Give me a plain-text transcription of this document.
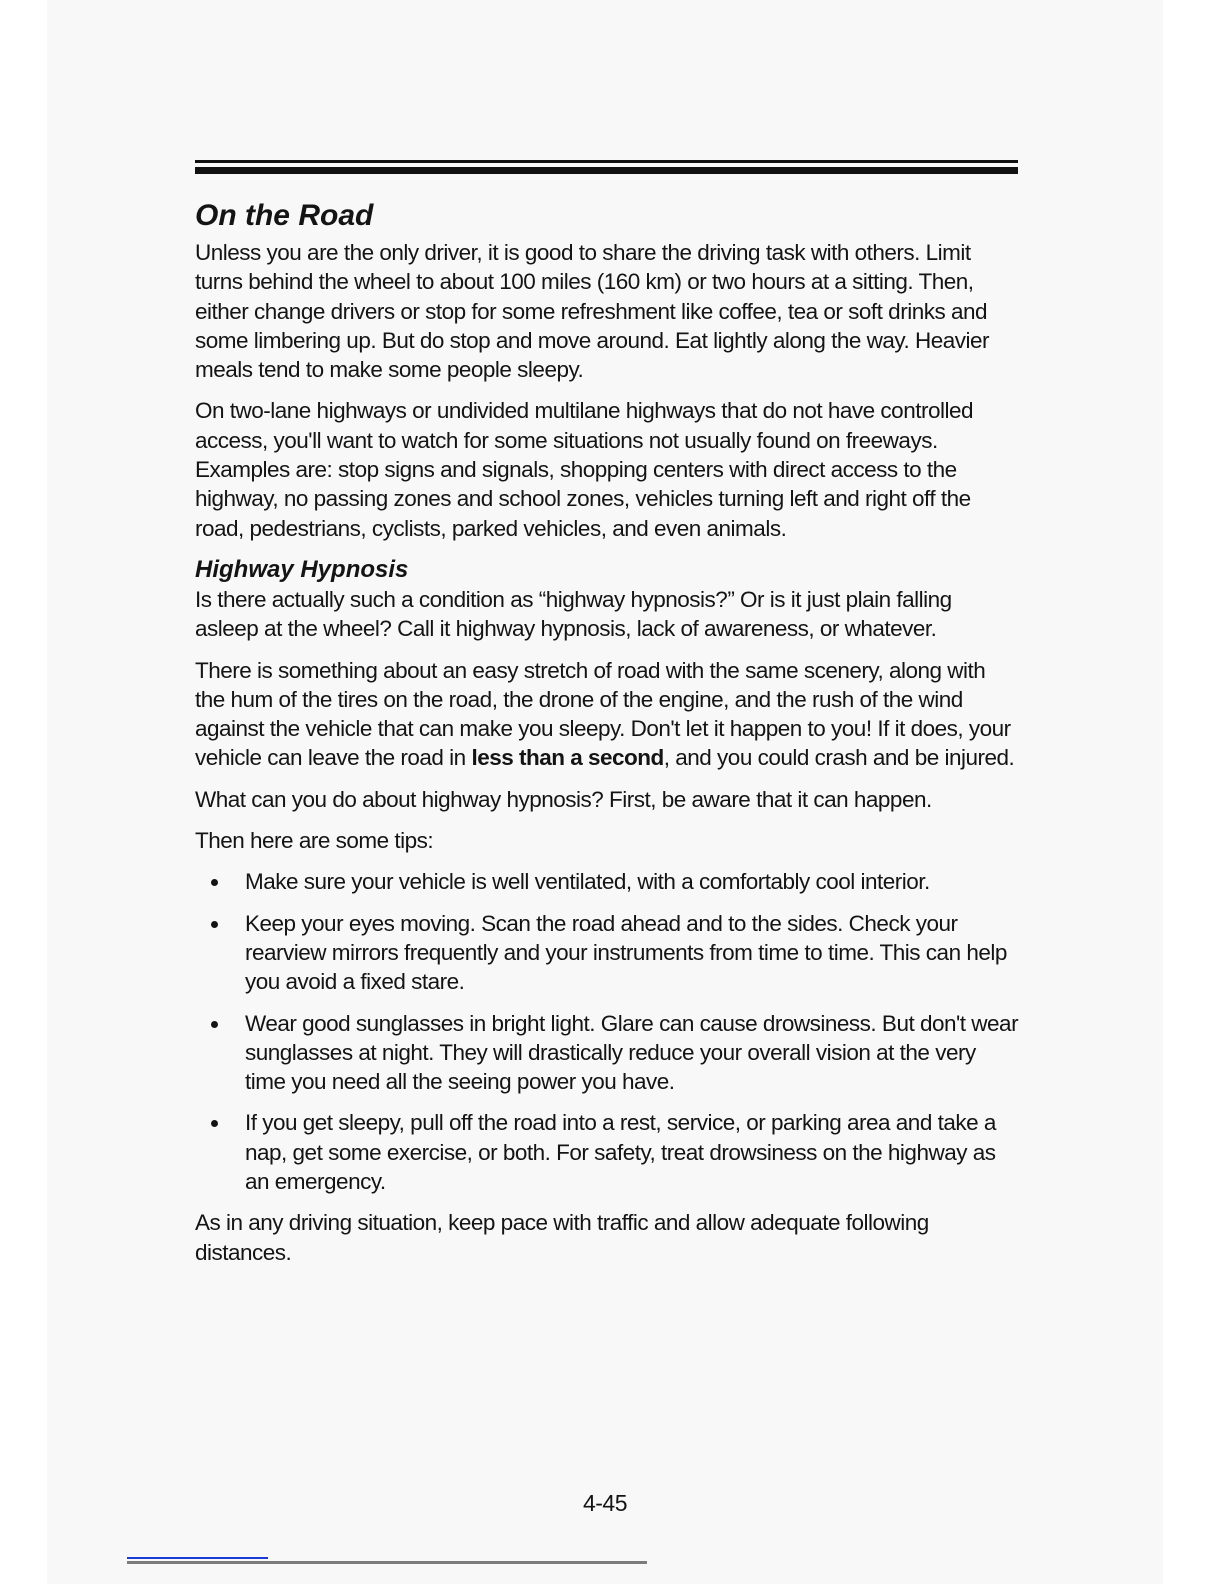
On the Road

Unless you are the only driver, it is good to share the driving task with others. Limit turns behind the wheel to about 100 miles (160 km) or two hours at a sitting. Then, either change drivers or stop for some refreshment like coffee, tea or soft drinks and some limbering up. But do stop and move around. Eat lightly along the way. Heavier meals tend to make some people sleepy.

On two-lane highways or undivided multilane highways that do not have controlled access, you'll want to watch for some situations not usually found on freeways. Examples are: stop signs and signals, shopping centers with direct access to the highway, no passing zones and school zones, vehicles turning left and right off the road, pedestrians, cyclists, parked vehicles, and even animals.

Highway Hypnosis

Is there actually such a condition as “highway hypnosis?” Or is it just plain falling asleep at the wheel? Call it highway hypnosis, lack of awareness, or whatever.

There is something about an easy stretch of road with the same scenery, along with the hum of the tires on the road, the drone of the engine, and the rush of the wind against the vehicle that can make you sleepy. Don't let it happen to you! If it does, your vehicle can leave the road in less than a second, and you could crash and be injured.

What can you do about highway hypnosis? First, be aware that it can happen.

Then here are some tips:

Make sure your vehicle is well ventilated, with a comfortably cool interior.
Keep your eyes moving. Scan the road ahead and to the sides. Check your rearview mirrors frequently and your instruments from time to time. This can help you avoid a fixed stare.
Wear good sunglasses in bright light. Glare can cause drowsiness. But don't wear sunglasses at night. They will drastically reduce your overall vision at the very time you need all the seeing power you have.
If you get sleepy, pull off the road into a rest, service, or parking area and take a nap, get some exercise, or both. For safety, treat drowsiness on the highway as an emergency.

As in any driving situation, keep pace with traffic and allow adequate following distances.

4-45
